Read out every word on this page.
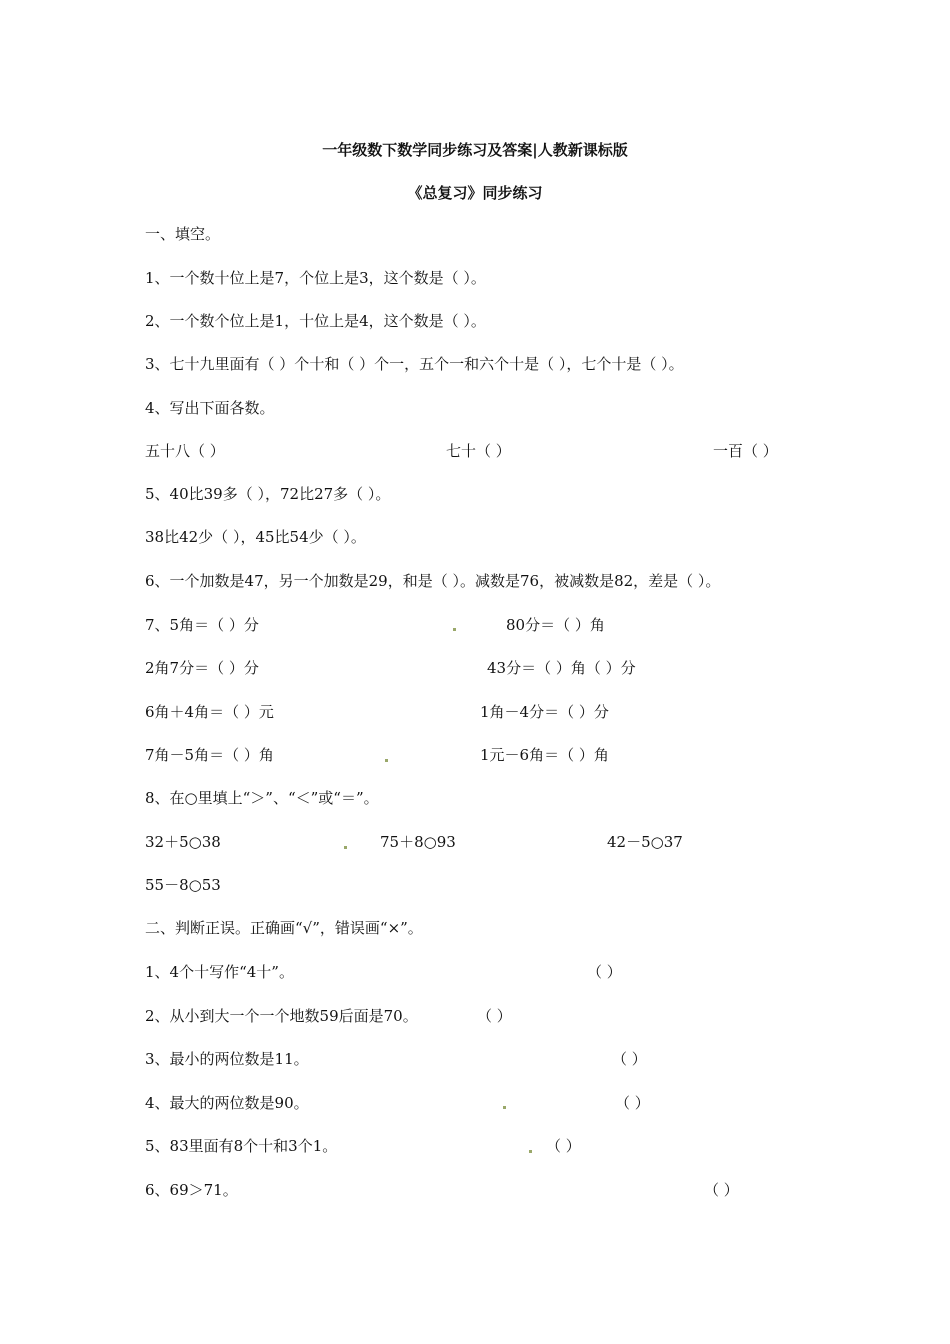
一年级数下数学同步练习及答案|人教新课标版
《总复习》同步练习
一、填空。
1、一个数十位上是7，个位上是3，这个数是（ ）。
2、一个数个位上是1，十位上是4，这个数是（ ）。
3、七十九里面有（ ）个十和（ ）个一，五个一和六个十是（ ），七个十是（ ）。
4、写出下面各数。
五十八（ ）	七十（ ）	一百（ ）
5、40比39多（ ），72比27多（ ）。
38比42少（ ），45比54少（ ）。
6、一个加数是47，另一个加数是29，和是（ ）。减数是76，被减数是82，差是（ ）。
7、5角＝（ ）分	80分＝（ ）角
2角7分＝（ ）分	43分＝（ ）角（ ）分
6角＋4角＝（ ）元	1角－4分＝（ ）分
7角－5角＝（ ）角	1元－6角＝（ ）角
8、在○里填上“＞”、“＜”或“＝”。
32＋5○38	75＋8○93	42－5○37
55－8○53
二、判断正误。正确画“√”，错误画“×”。
1、4个十写作“4十”。	（ ）
2、从小到大一个一个地数59后面是70。	（ ）
3、最小的两位数是11。	（ ）
4、最大的两位数是90。	（ ）
5、83里面有8个十和3个1。	（ ）
6、69＞71。	（ ）
